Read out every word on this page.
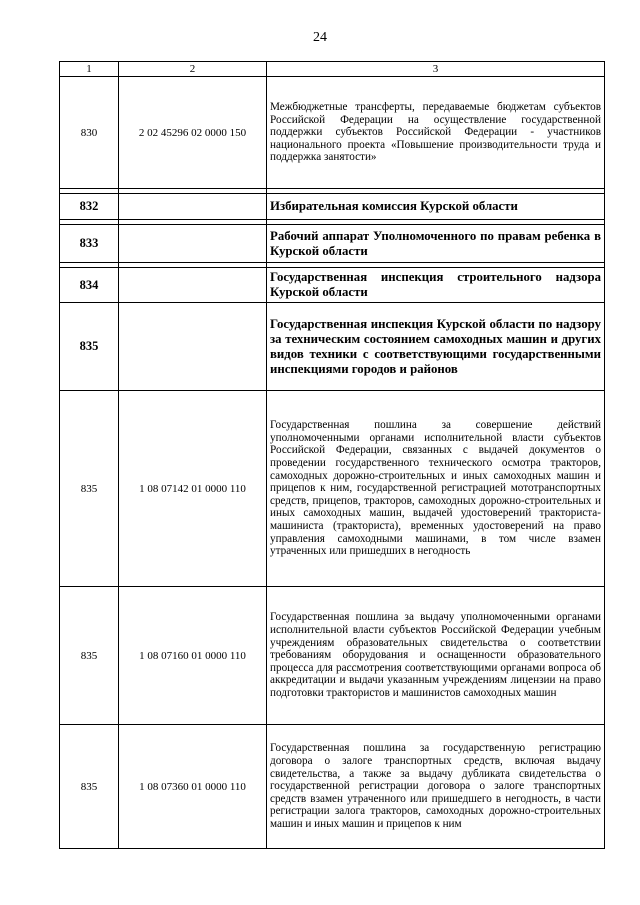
24
1	2	3
830	2 02 45296 02 0000 150	Межбюджетные трансферты, передаваемые бюджетам субъектов Российской Федерации на осуществление государственной поддержки субъектов Российской Федерации - участников национального проекта «Повышение производительности труда и поддержка занятости»

832		Избирательная комиссия Курской области

833		Рабочий аппарат Уполномоченного по правам ребенка в Курской области

834		Государственная инспекция строительного надзора Курской области
835		Государственная инспекция Курской области по надзору за техническим состоянием самоходных машин и других видов техники с соответствующими государственными инспекциями городов и районов
835	1 08 07142 01 0000 110	Государственная пошлина за совершение действий уполномоченными органами исполнительной власти субъектов Российской Федерации, связанных с выдачей документов о проведении государственного технического осмотра тракторов, самоходных дорожно-строительных и иных самоходных машин и прицепов к ним, государственной регистрацией мототранспортных средств, прицепов, тракторов, самоходных дорожно-строительных и иных самоходных машин, выдачей удостоверений тракториста-машиниста (тракториста), временных удостоверений на право управления самоходными машинами, в том числе взамен утраченных или пришедших в негодность
835	1 08 07160 01 0000 110	Государственная пошлина за выдачу уполномоченными органами исполнительной власти субъектов Российской Федерации учебным учреждениям образовательных свидетельства о соответствии требованиям оборудования и оснащенности образовательного процесса для рассмотрения соответствующими органами вопроса об аккредитации и выдачи указанным учреждениям лицензии на право подготовки трактористов и машинистов самоходных машин
835	1 08 07360 01 0000 110	Государственная пошлина за государственную регистрацию договора о залоге транспортных средств, включая выдачу свидетельства, а также за выдачу дубликата свидетельства о государственной регистрации договора о залоге транспортных средств взамен утраченного или пришедшего в негодность, в части регистрации залога тракторов, самоходных дорожно-строительных машин и иных машин и прицепов к ним
